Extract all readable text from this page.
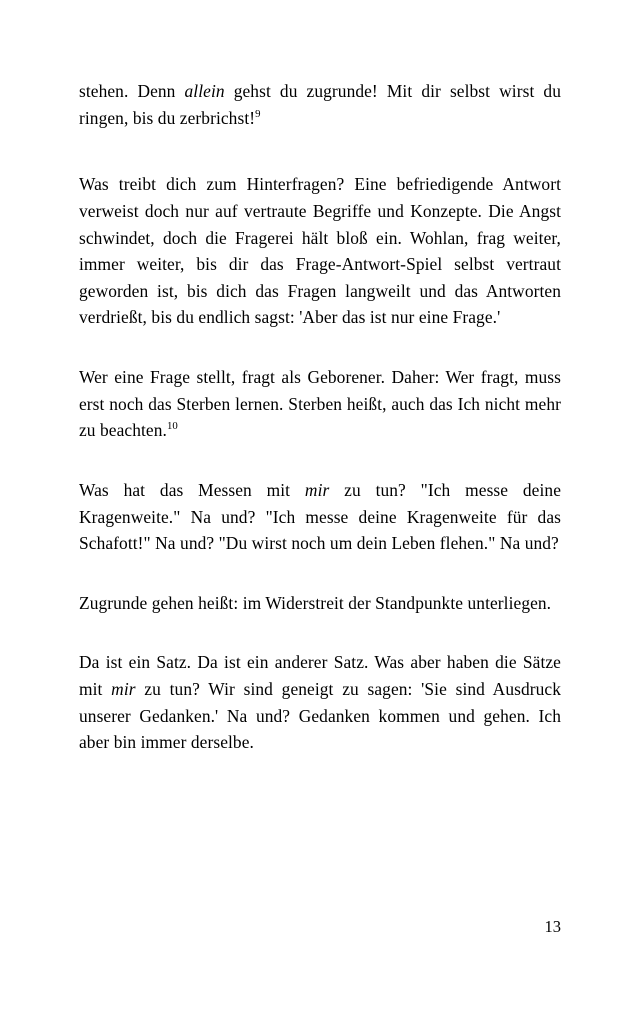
stehen. Denn allein gehst du zugrunde! Mit dir selbst wirst du ringen, bis du zerbrichst!$^9$

Was treibt dich zum Hinterfragen? Eine befriedigende Antwort verweist doch nur auf vertraute Begriffe und Konzepte. Die Angst schwindet, doch die Fragerei hält bloß ein. Wohlan, frag weiter, immer weiter, bis dir das Frage-Antwort-Spiel selbst vertraut geworden ist, bis dich das Fragen langweilt und das Antworten verdrießt, bis du endlich sagst: 'Aber das ist nur eine Frage.'

Wer eine Frage stellt, fragt als Geborener. Daher: Wer fragt, muss erst noch das Sterben lernen. Sterben heißt, auch das Ich nicht mehr zu beachten.$^{10}$

Was hat das Messen mit mir zu tun? "Ich messe deine Kragenweite." Na und? "Ich messe deine Kragenweite für das Schafott!" Na und? "Du wirst noch um dein Leben flehen." Na und?

Zugrunde gehen heißt: im Widerstreit der Standpunkte unterliegen.

Da ist ein Satz. Da ist ein anderer Satz. Was aber haben die Sätze mit mir zu tun? Wir sind geneigt zu sagen: 'Sie sind Ausdruck unserer Gedanken.' Na und? Gedanken kommen und gehen. Ich aber bin immer derselbe.

13
